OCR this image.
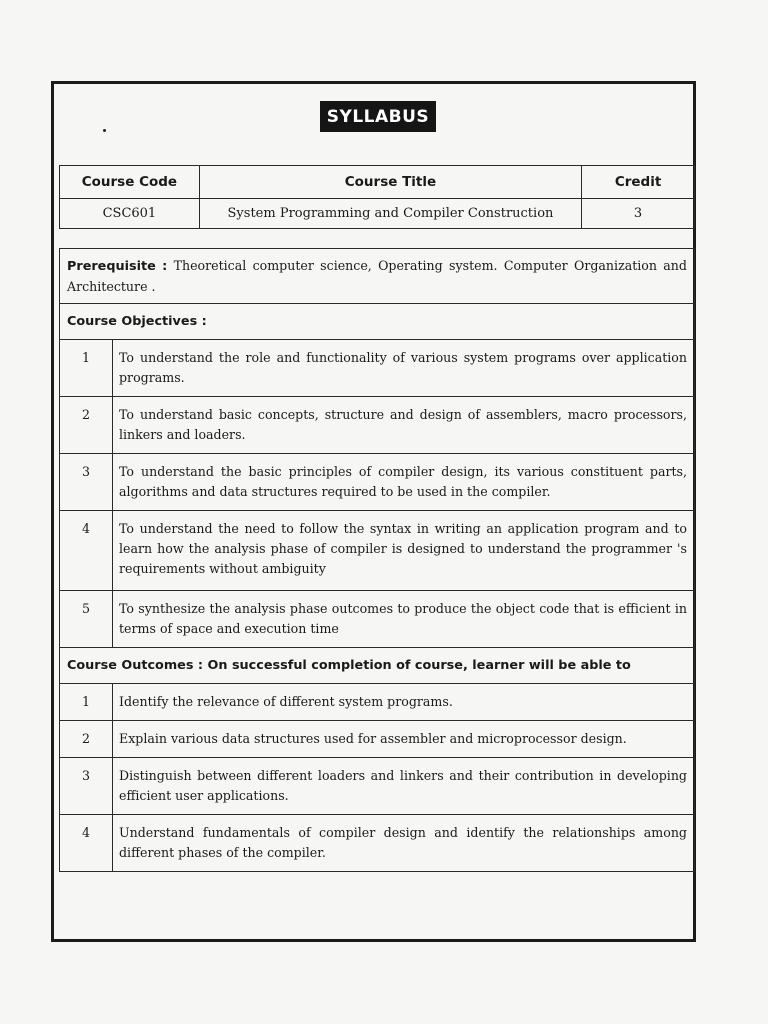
SYLLABUS
Course Code	Course Title	Credit
CSC601	System Programming and Compiler Construction	3
Prerequisite : Theoretical computer science, Operating system. Computer Organization and Architecture .	
Course Objectives :	
1	To understand the role and functionality of various system programs over application programs.
2	To understand basic concepts, structure and design of assemblers, macro processors, linkers and loaders.
3	To understand the basic principles of compiler design, its various constituent parts, algorithms and data structures required to be used in the compiler.
4	To understand the need to follow the syntax in writing an application program and to learn how the analysis phase of compiler is designed to understand the programmer 's requirements without ambiguity
5	To synthesize the analysis phase outcomes to produce the object code that is efficient in terms of space and execution time
Course Outcomes : On successful completion of course, learner will be able to	
1	Identify the relevance of different system programs.
2	Explain various data structures used for assembler and microprocessor design.
3	Distinguish between different loaders and linkers and their contribution in developing efficient user applications.
4	Understand fundamentals of compiler design and identify the relationships among different phases of the compiler.
